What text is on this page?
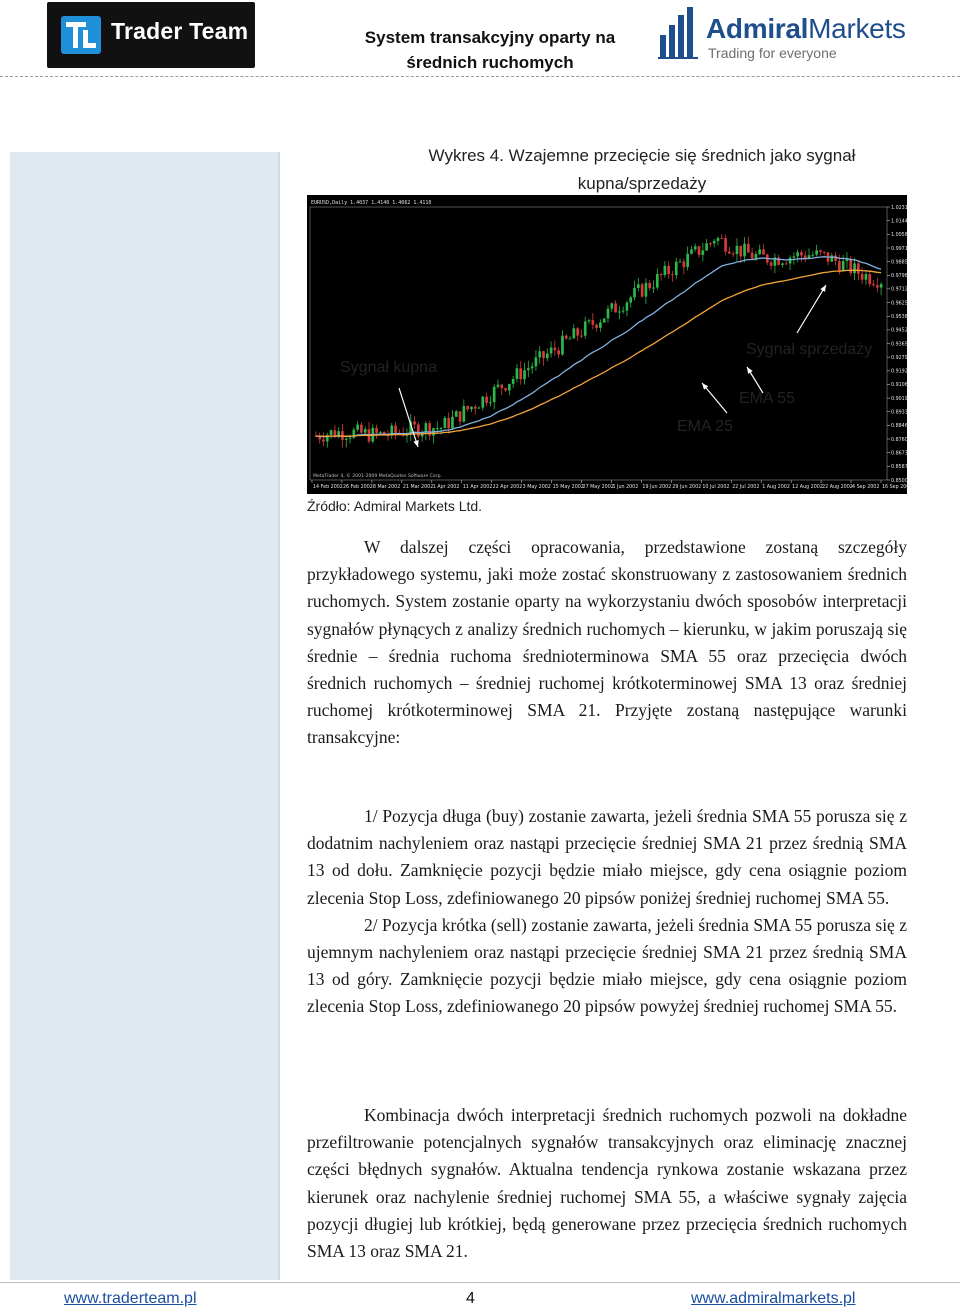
Trader Team	System transakcyjny oparty na
średnich ruchomych
AdmiralMarkets
Trading for everyone
Wykres 4. Wzajemne przecięcie się średnich jako sygnał
kupna/sprzedaży
EURUSD,Daily 1.4037 1.4140 1.4062 1.4110
MetaTrader 4, © 2001-2009 MetaQuotes Software Corp.
1.0231
1.0144
1.0058
0.9971
0.9885
0.9798
0.9712
0.9625
0.9538
0.9452
0.9365
0.9279
0.9192
0.9106
0.9019
0.8933
0.8846
0.8760
0.8673
0.8587
0.8500
14 Feb 2002 26 Feb 2002 8 Mar 2002 21 Mar 2002 1 Apr 2002 11 Apr 2002 22 Apr 2002 3 May 2002 15 May 2002
27 May 2002
1 Jun 2002 19 Jun 2002 29 Jun 2002 10 Jul 2002 22 Jul 2002 1 Aug 2002 12 Aug 2002 22 Aug 2002 4 Sep 2002 16 Sep 2002
Sygnał kupna
Sygnał sprzedaży
EMA 55
EMA 25
Źródło: Admiral Markets Ltd.

W dalszej części opracowania, przedstawione zostaną szczegóły przykładowego systemu, jaki może zostać skonstruowany z zastosowaniem średnich ruchomych. System zostanie oparty na wykorzystaniu dwóch sposobów interpretacji sygnałów płynących z analizy średnich ruchomych – kierunku, w jakim poruszają się średnie – średnia ruchoma średnioterminowa SMA 55 oraz przecięcia dwóch średnich ruchomych – średniej ruchomej krótkoterminowej SMA 13 oraz średniej ruchomej krótkoterminowej SMA 21. Przyjęte zostaną następujące warunki transakcyjne:

1/ Pozycja długa (buy) zostanie zawarta, jeżeli średnia SMA 55 porusza się z dodatnim nachyleniem oraz nastąpi przecięcie średniej SMA 21 przez średnią SMA 13 od dołu. Zamknięcie pozycji będzie miało miejsce, gdy cena osiągnie poziom zlecenia Stop Loss, zdefiniowanego 20 pipsów poniżej średniej ruchomej SMA 55.

2/ Pozycja krótka (sell) zostanie zawarta, jeżeli średnia SMA 55 porusza się z ujemnym nachyleniem oraz nastąpi przecięcie średniej SMA 21 przez średnią SMA 13 od góry. Zamknięcie pozycji będzie miało miejsce, gdy cena osiągnie poziom zlecenia Stop Loss, zdefiniowanego 20 pipsów powyżej średniej ruchomej SMA 55.

Kombinacja dwóch interpretacji średnich ruchomych pozwoli na dokładne przefiltrowanie potencjalnych sygnałów transakcyjnych oraz eliminację znacznej części błędnych sygnałów. Aktualna tendencja rynkowa zostanie wskazana przez kierunek oraz nachylenie średniej ruchomej SMA 55, a właściwe sygnały zajęcia pozycji długiej lub krótkiej, będą generowane przez przecięcia średnich ruchomych SMA 13 oraz SMA 21.

www.traderteam.pl	4	www.admiralmarkets.pl
